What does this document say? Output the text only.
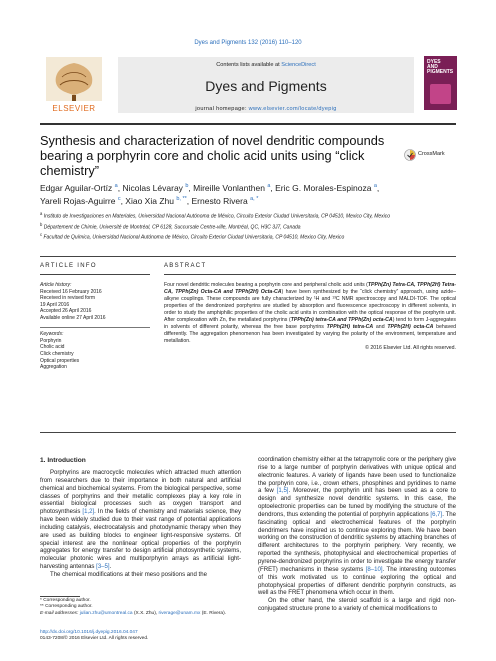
Dyes and Pigments 132 (2016) 110–120
ELSEVIER
Contents lists available at ScienceDirect
Dyes and Pigments
journal homepage: www.elsevier.com/locate/dyepig
DYES
AND
PIGMENTS
Synthesis and characterization of novel dendritic compounds bearing a porphyrin core and cholic acid units using “click chemistry”
CrossMark
Edgar Aguilar-Ortíz $^a$, Nicolas Lévaray $^b$, Mireille Vonlanthen $^a$, Eric G. Morales-Espinoza $^a$,
Yareli Rojas-Aguirre $^c$, Xiao Xia Zhu $^{b, **}$, Ernesto Rivera $^{a, *}$
$^a$ Instituto de Investigaciones en Materiales, Universidad Nacional Autónoma de México, Circuito Exterior Ciudad Universitaria, CP 04510, Mexico City, Mexico
$^b$ Département de Chimie, Université de Montréal, CP 6128, Succursale Centre-ville, Montréal, QC, H3C 3J7, Canada
$^c$ Facultad de Química, Universidad Nacional Autónoma de México, Circuito Exterior Ciudad Universitaria, CP 04510, Mexico City, Mexico
ARTICLE INFO	ABSTRACT
Article history:
Received 16 February 2016
Received in revised form
19 April 2016
Accepted 26 April 2016
Available online 27 April 2016
Keywords:
Porphyrin
Cholic acid
Click chemistry
Optical properties
Aggregation
Four novel dendritic molecules bearing a porphyrin core and peripheral cholic acid units (TPPh(Zn) Tetra-CA, TPPh(2H) Tetra-CA, TPPh(Zn) Octa-CA and TPPh(2H) Octa-CA) have been synthesized by the “click chemistry” approach, using azide–alkyne couplings. These compounds are fully characterized by ¹H and ¹³C NMR spectroscopy and MALDI-TOF. The optical properties of the dendronized porphyrins are studied by absorption and fluorescence spectroscopy in different solvents, in order to study the amphiphilic properties of the cholic acid units in combination with the optical response of the porphyrin unit. After complexation with Zn, the metallated porphyrins (TPPh(Zn) tetra-CA and TPPh(Zn) octa-CA) tend to form J-aggregates in solvents of different polarity, whereas the free base porphyrins TPPh(2H) tetra-CA and TPPh(2H) octa-CA behaved differently. The aggregation phenomenon has been investigated by varying the polarity of the environment, temperature and metallation.
© 2016 Elsevier Ltd. All rights reserved.
1. Introduction

Porphyrins are macrocyclic molecules which attracted much attention from researchers due to their importance in both natural and artificial chemical and biochemical systems. From the biological perspective, some classes of porphyrins and their metallic complexes play a key role in essential biological processes such as oxygen transport and photosynthesis [1,2]. In the fields of chemistry and materials science, they have been widely studied due to their vast range of potential applications including catalysis, electrocatalysis and photodynamic therapy when they are used as building blocks to engineer light-responsive systems. Of special interest are the nonlinear optical properties of the porphyrin aggregates for energy transfer to design artificial photosynthetic systems, molecular photonic wires and multiporphyrin arrays as artificial light-harvesting antennas [3–5].

The chemical modifications at their meso positions and the

coordination chemistry either at the tetrapyrrolic core or the periphery give rise to a large number of porphyrin derivatives with unique optical and electronic features. A variety of ligands have been used to functionalize the porphyrin core, i.e., crown ethers, phosphines and pyridines to name a few [1,5]. Moreover, the porphyrin unit has been used as a core to design and synthesize novel dendritic systems. In this case, the optoelectronic properties can be tuned by modifying the structure of the dendrons, thus extending the potential of porphyrin applications [6,7]. The fascinating optical and electrochemical features of the porphyrin dendrimers have inspired us to continue exploring them. We have been working on the construction of dendritic systems by attaching branches of different architectures to the porphyrin periphery. Very recently, we reported the synthesis, photophysical and electrochemical properties of pyrene-dendronized porphyrins in order to investigate the energy transfer (FRET) mechanisms in these systems [8–10]. The interesting outcomes of this work motivated us to continue exploring the optical and photophysical properties of different dendritic porphyrin constructs, as well as the FRET phenomena which occur in them.

On the other hand, the steroid scaffold is a large and rigid non-conjugated structure prone to a variety of chemical modifications to

* Corresponding author.
** Corresponding author.
E-mail addresses: julian.zhu@umontreal.ca (X.X. Zhu), riverage@unam.mx (E. Rivera).
http://dx.doi.org/10.1016/j.dyepig.2016.04.047
0143-7208/© 2016 Elsevier Ltd. All rights reserved.
